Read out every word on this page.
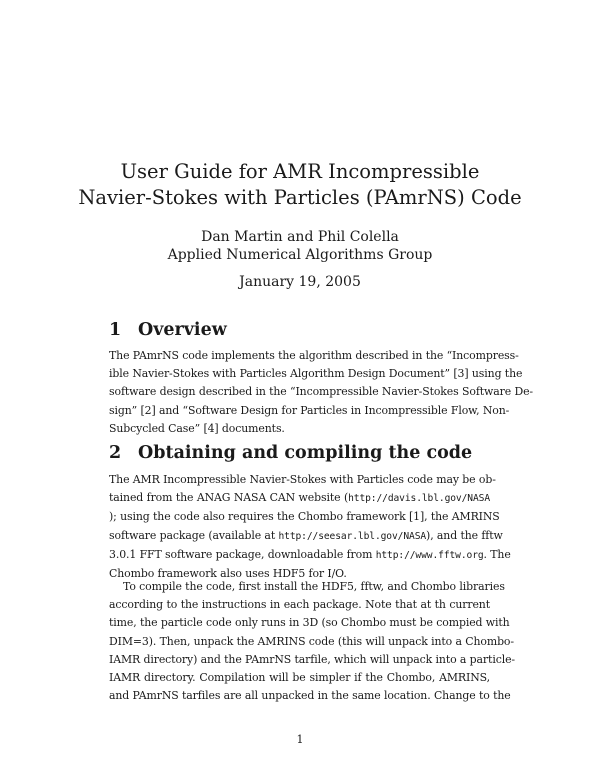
User Guide for AMR Incompressible
Navier-Stokes with Particles (PAmrNS) Code
Dan Martin and Phil Colella
Applied Numerical Algorithms Group
January 19, 2005
1 Overview
The PAmrNS code implements the algorithm described in the “Incompress-
ible Navier-Stokes with Particles Algorithm Design Document” [3] using the
software design described in the “Incompressible Navier-Stokes Software De-
sign” [2] and “Software Design for Particles in Incompressible Flow, Non-
Subcycled Case” [4] documents.
2 Obtaining and compiling the code
The AMR Incompressible Navier-Stokes with Particles code may be ob-
tained from the ANAG NASA CAN website (http://davis.lbl.gov/NASA
); using the code also requires the Chombo framework [1], the AMRINS
software package (available at http://seesar.lbl.gov/NASA), and the fftw
3.0.1 FFT software package, downloadable from http://www.fftw.org. The
Chombo framework also uses HDF5 for I/O.
To compile the code, first install the HDF5, fftw, and Chombo libraries
according to the instructions in each package. Note that at th current
time, the particle code only runs in 3D (so Chombo must be compied with
DIM=3). Then, unpack the AMRINS code (this will unpack into a Chombo-
IAMR directory) and the PAmrNS tarfile, which will unpack into a particle-
IAMR directory. Compilation will be simpler if the Chombo, AMRINS,
and PAmrNS tarfiles are all unpacked in the same location. Change to the
1
